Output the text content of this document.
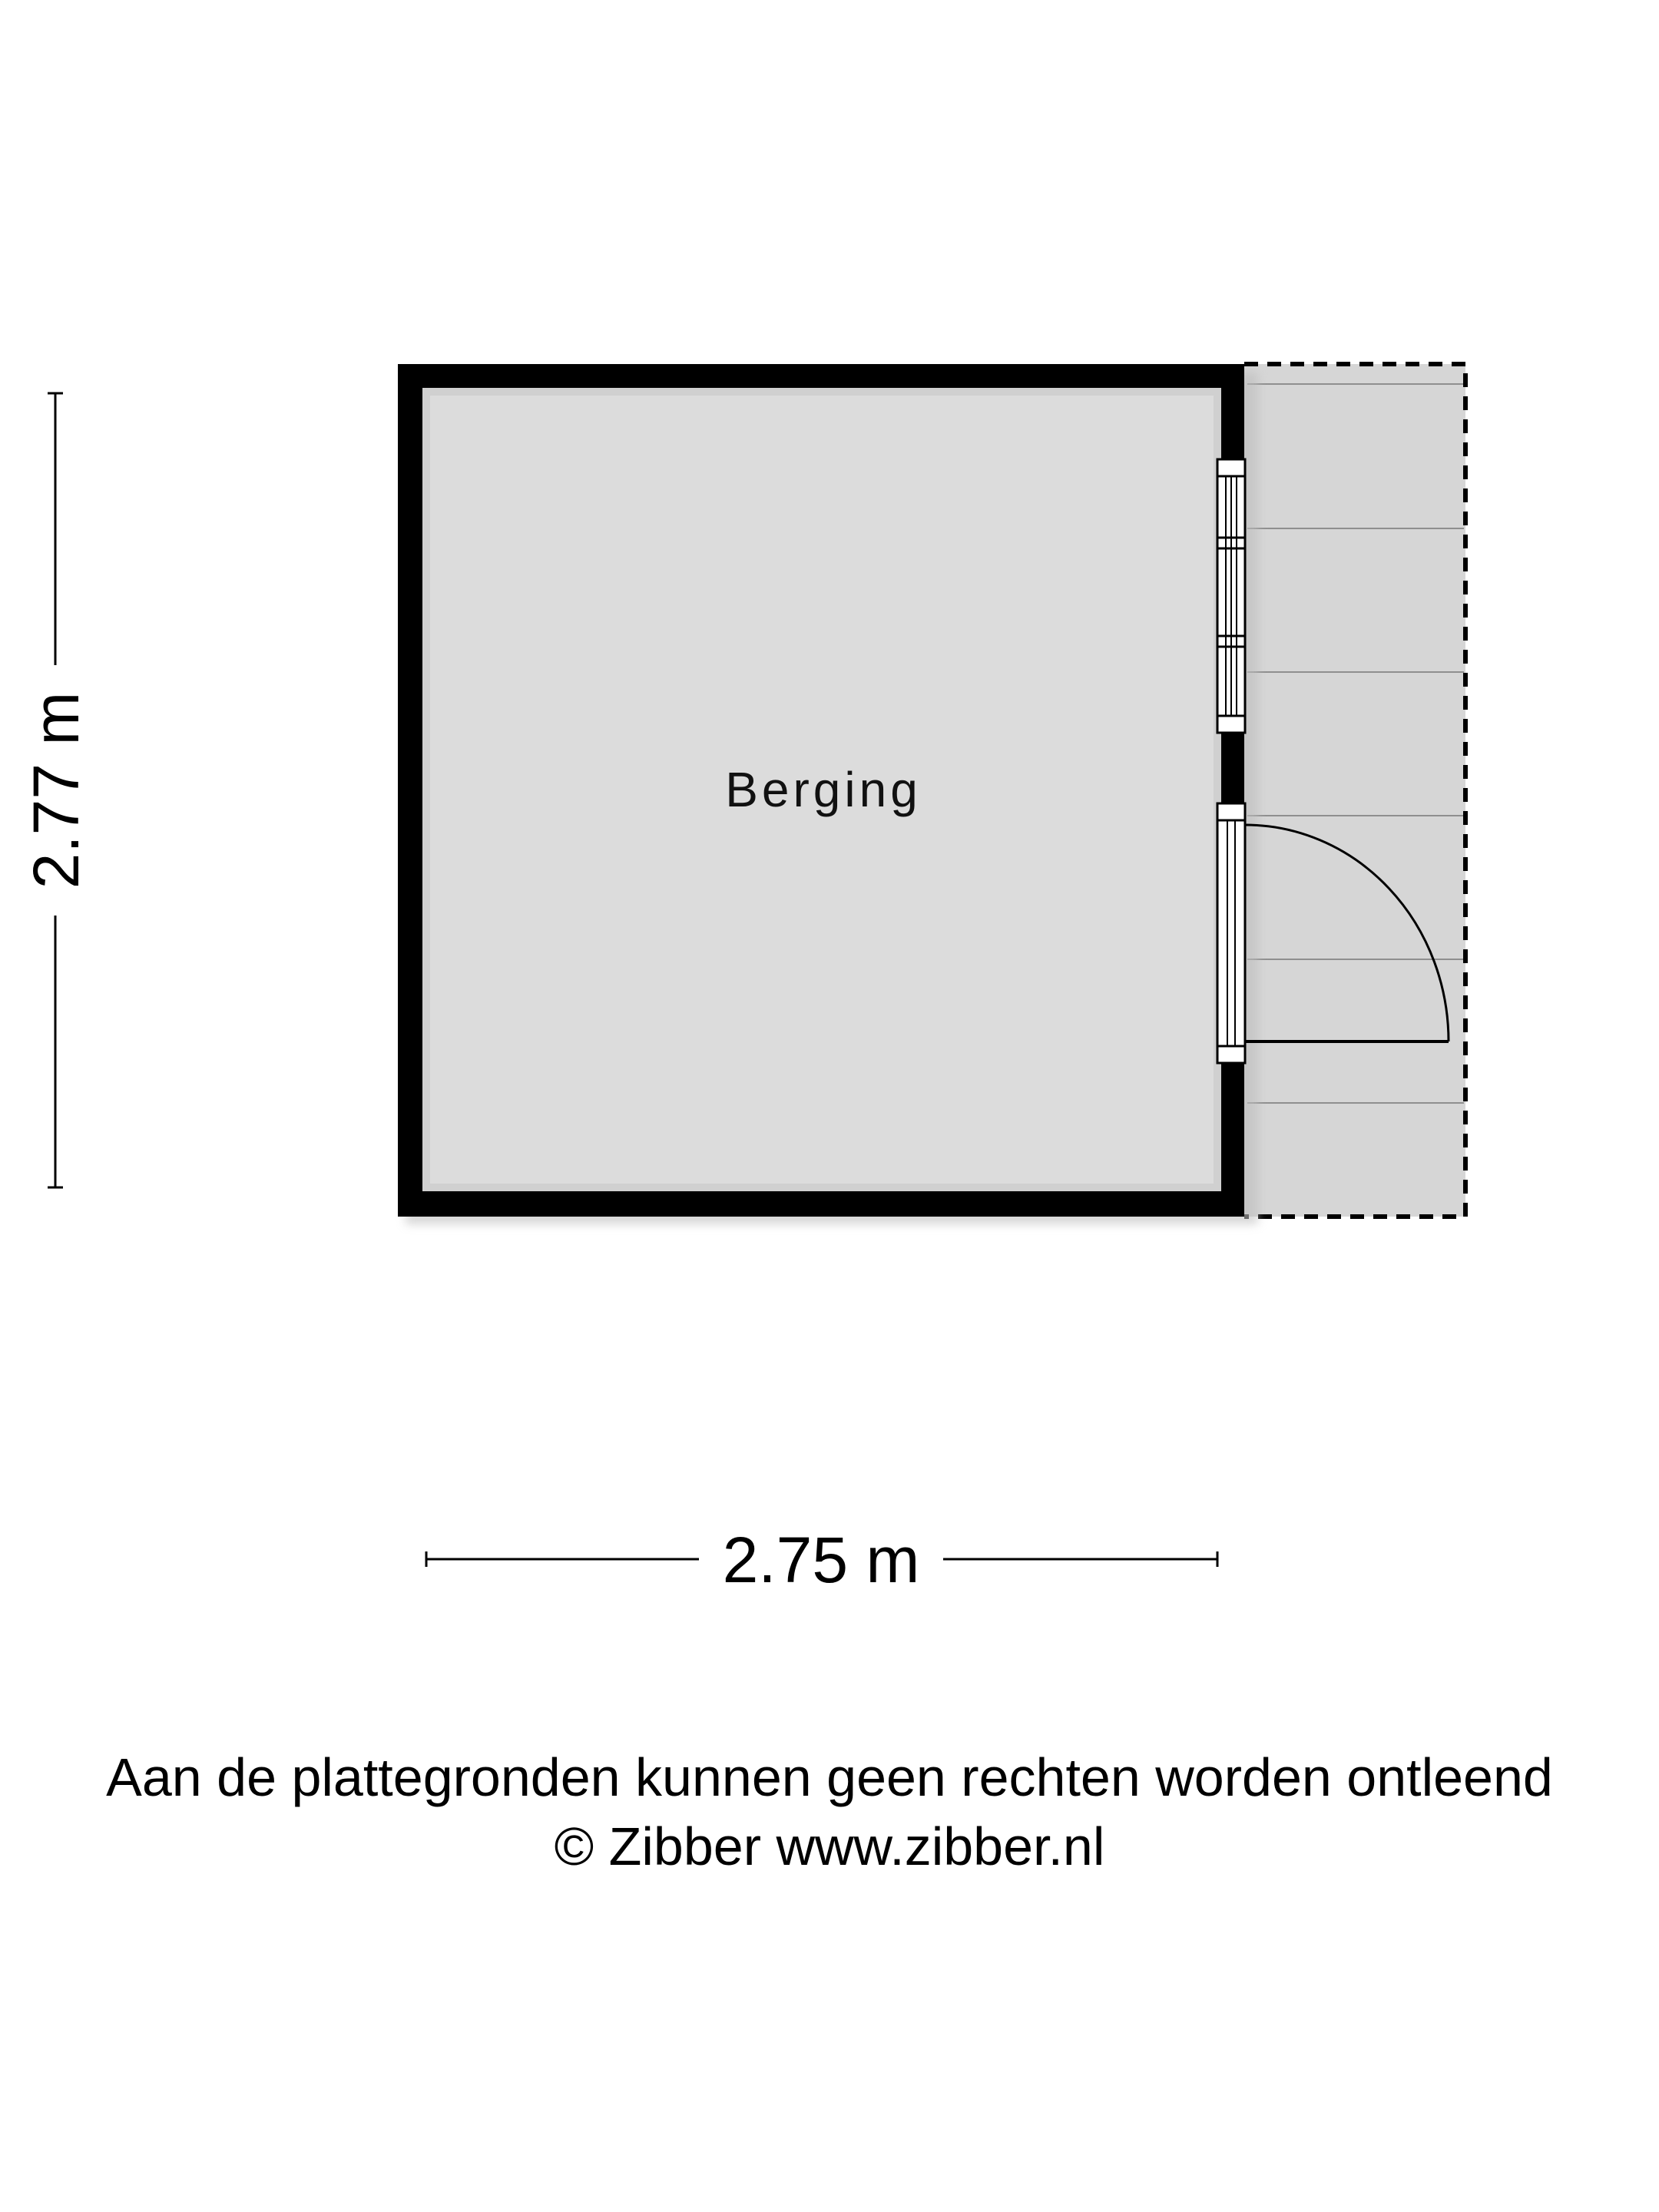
Berging
2.77 m
2.75 m
Aan de plattegronden kunnen geen rechten worden ontleend
© Zibber www.zibber.nl
